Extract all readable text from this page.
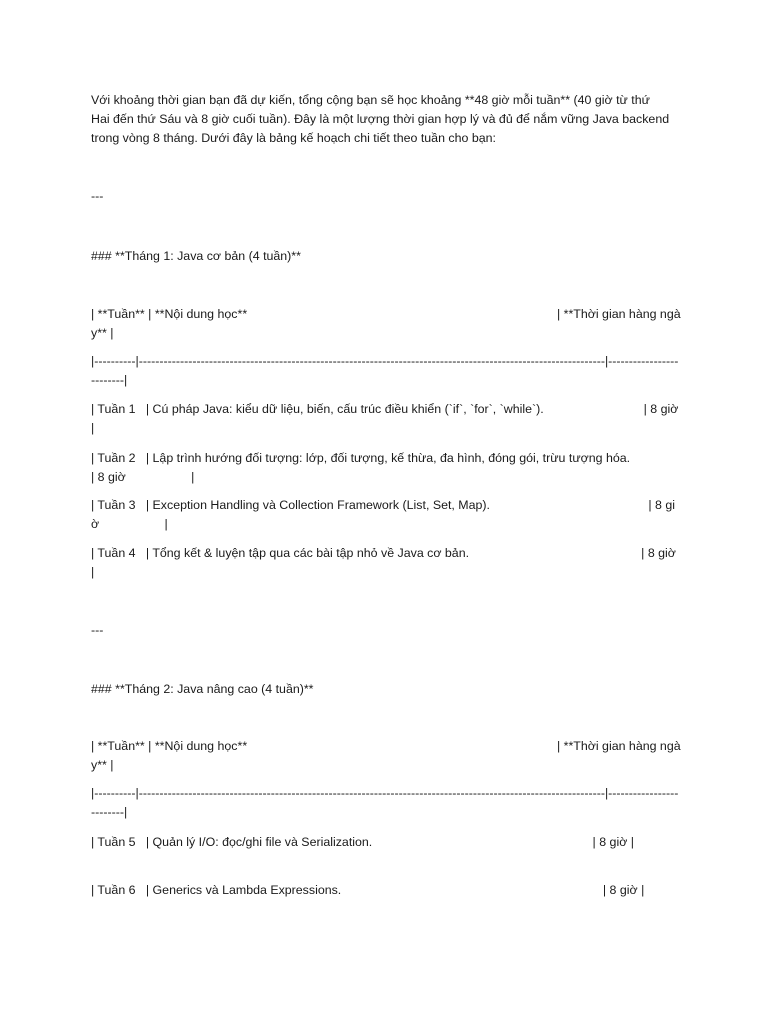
Với khoảng thời gian bạn đã dự kiến, tổng cộng bạn sẽ học khoảng **48 giờ mỗi tuần** (40 giờ từ thứ Hai đến thứ Sáu và 8 giờ cuối tuần). Đây là một lượng thời gian hợp lý và đủ để nắm vững Java backend trong vòng 8 tháng. Dưới đây là bảng kế hoạch chi tiết theo tuần cho bạn:

---

### **Tháng 1: Java cơ bản (4 tuần)**

| **Tuần** | **Nội dung học**                                                                                          | **Thời gian hàng ngày** |

|----------|-----------------------------------------------------------------------------------------------------------------|-------------------------|

| Tuần 1   | Cú pháp Java: kiểu dữ liệu, biến, cấu trúc điều khiển (`if`, `for`, `while`).                             | 8 giờ                   |

| Tuần 2   | Lập trình hướng đối tượng: lớp, đối tượng, kế thừa, đa hình, đóng gói, trừu tượng hóa.                    | 8 giờ                   |

| Tuần 3   | Exception Handling và Collection Framework (List, Set, Map).                                              | 8 giờ                   |

| Tuần 4   | Tổng kết & luyện tập qua các bài tập nhỏ về Java cơ bản.                                                  | 8 giờ                   |

---

### **Tháng 2: Java nâng cao (4 tuần)**

| **Tuần** | **Nội dung học**                                                                                          | **Thời gian hàng ngày** |

|----------|-----------------------------------------------------------------------------------------------------------------|-------------------------|

| Tuần 5   | Quản lý I/O: đọc/ghi file và Serialization.                                                                | 8 giờ |

| Tuần 6   | Generics và Lambda Expressions.                                                                            | 8 giờ |
